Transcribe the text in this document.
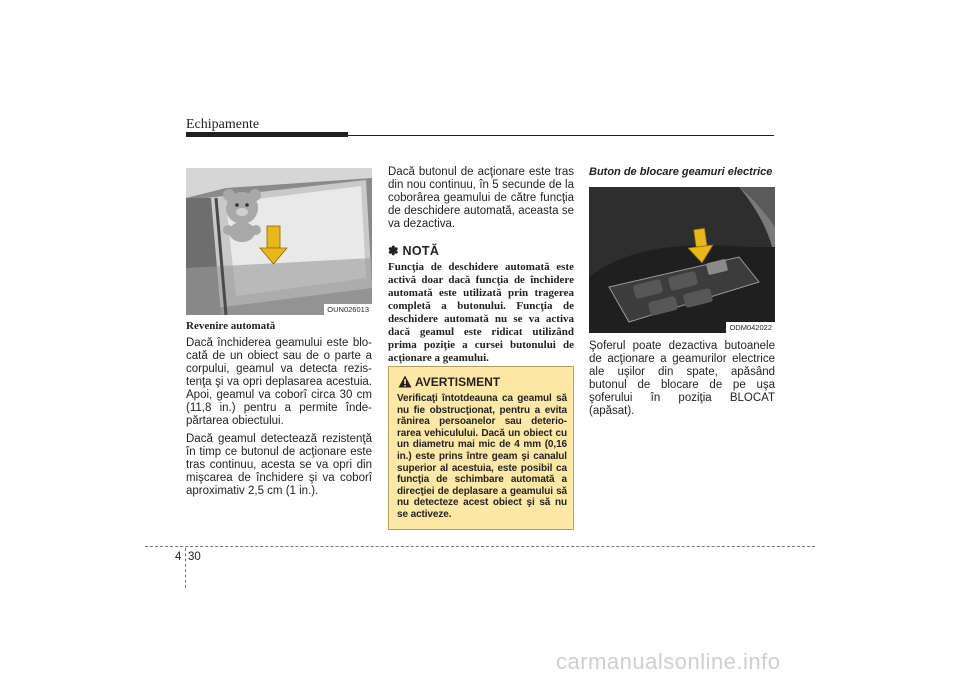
Echipamente
OUN026013
Revenire automată

Dacă închiderea geamului este blo-cată de un obiect sau de o parte a corpului, geamul va detecta rezis-tenţa şi va opri deplasarea acestuia. Apoi, geamul va coborî circa 30 cm (11,8 in.) pentru a permite înde-părtarea obiectului.

Dacă geamul detectează rezistenţă în timp ce butonul de acţionare este tras continuu, acesta se va opri din mişcarea de închidere şi va coborî aproximativ 2,5 cm (1 in.).

Dacă butonul de acţionare este tras din nou continuu, în 5 secunde de la coborârea geamului de către funcţia de deschidere automată, aceasta se va dezactiva.

✽ NOTĂ
Funcţia de deschidere automată este activă doar dacă funcţia de închidere automată este utilizată prin tragerea completă a butonului. Funcţia de deschidere automată nu se va activa dacă geamul este ridicat utilizând prima poziţie a cursei butonului de acţionare a geamului.
AVERTISMENT
Verificaţi întotdeauna ca geamul să nu fie obstrucţionat, pentru a evita rănirea persoanelor sau deterio-rarea vehiculului. Dacă un obiect cu un diametru mai mic de 4 mm (0,16 in.) este prins între geam şi canalul superior al acestuia, este posibil ca funcţia de schimbare automată a direcţiei de deplasare a geamului să nu detecteze acest obiect şi să nu se activeze.
Buton de blocare geamuri electrice
ODM042022

Şoferul poate dezactiva butoanele de acţionare a geamurilor electrice ale uşilor din spate, apăsând butonul de blocare de pe uşa şoferului în poziţia BLOCAT (apăsat).

4 30
carmanualsonline.info
